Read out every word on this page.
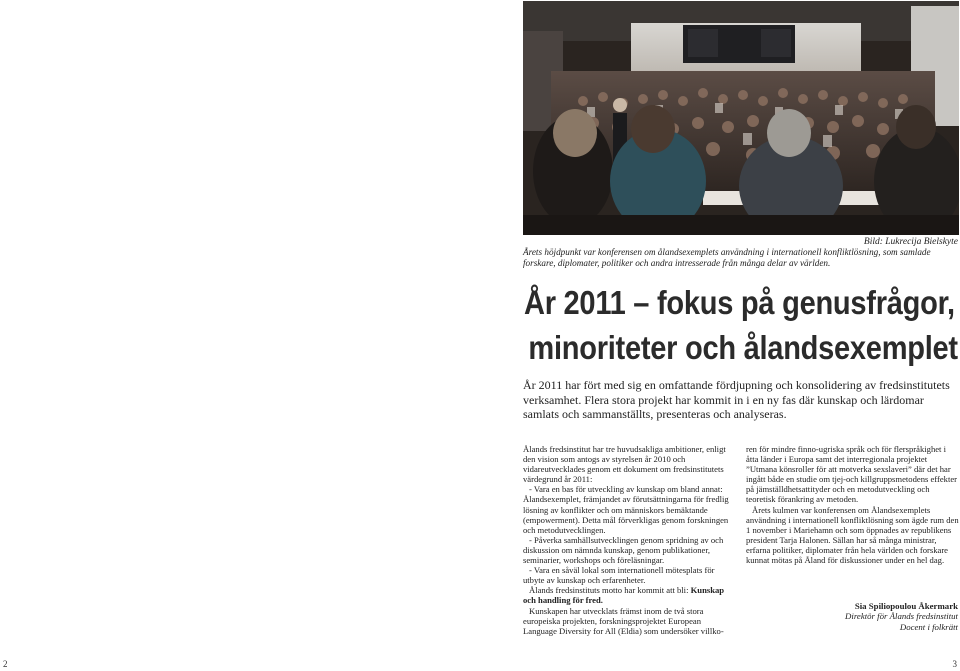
2	3
Bild: Lukrecija Bielskyte
Årets höjdpunkt var konferensen om ålandsexemplets användning i internationell konfliktlösning, som samlade forskare, diplomater, politiker och andra intresserade från många delar av världen.
År 2011 – fokus på genusfrågor,
minoriteter och ålandsexemplet

År 2011 har fört med sig en omfattande fördjupning och konsolidering av fredsinstitutets verksamhet. Flera stora projekt har kommit in i en ny fas där kunskap och lärdomar samlats och sammanställts, presenteras och analyseras.

Ålands fredsinstitut har tre huvudsakliga ambitioner, enligt den vision som antogs av styrelsen år 2010 och vidareutvecklades genom ett dokument om fredsinstitutets värdegrund år 2011:

- Vara en bas för utveckling av kunskap om bland annat: Ålandsexemplet, främjandet av förutsättningarna för fredlig lösning av konflikter och om människors bemäktande (empowerment). Detta mål förverkligas genom forskningen och metodutvecklingen.

- Påverka samhällsutvecklingen genom spridning av och diskussion om nämnda kunskap, genom publikationer, seminarier, workshops och föreläsningar.

- Vara en såväl lokal som internationell mötesplats för utbyte av kunskap och erfarenheter.

Ålands fredsinstituts motto har kommit att bli: Kunskap och handling för fred.

Kunskapen har utvecklats främst inom de två stora europeiska projekten, forskningsprojektet European Language Diversity for All (Eldia) som undersöker villko-

ren för mindre finno-ugriska språk och för flerspråkighet i åtta länder i Europa samt det interregionala projektet ”Utmana könsroller för att motverka sexslaveri” där det har ingått både en studie om tjej-och killgruppsmetodens effekter på jämställdhetsattityder och en metodutveckling och teoretisk förankring av metoden.

Årets kulmen var konferensen om Ålandsexemplets användning i internationell konfliktlösning som ägde rum den 1 november i Mariehamn och som öppnades av republikens president Tarja Halonen. Sällan har så många ministrar, erfarna politiker, diplomater från hela världen och forskare kunnat mötas på Åland för diskussioner under en hel dag.

Sia Spiliopoulou Åkermark
Direktör för Ålands fredsinstitut
Docent i folkrätt
